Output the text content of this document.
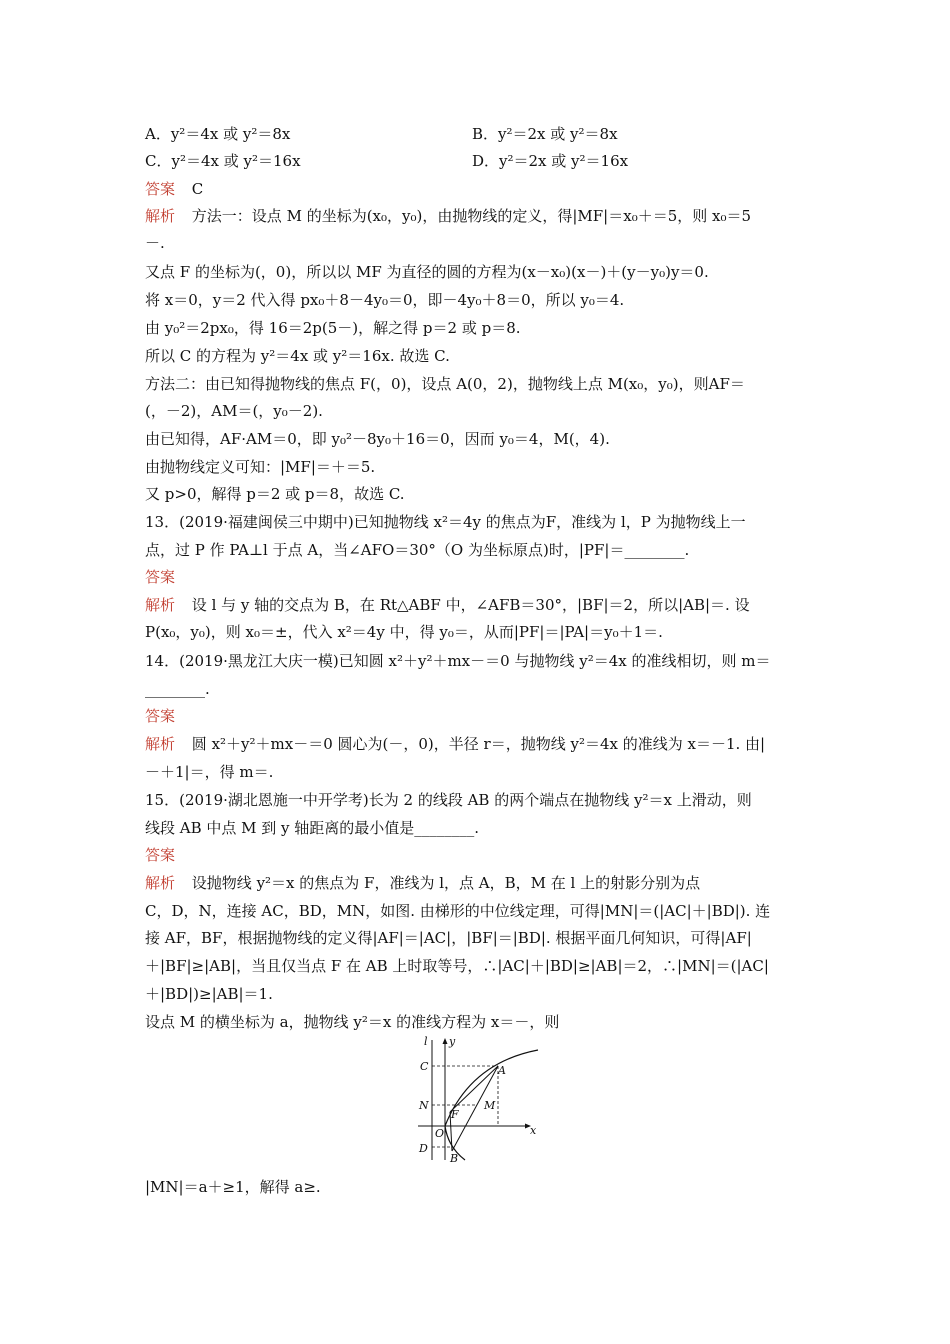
A．y²＝4x 或 y²＝8x	B．y²＝2x 或 y²＝8x
C．y²＝4x 或 y²＝16x	D．y²＝2x 或 y²＝16x
答案 C
解析 方法一：设点 M 的坐标为(x₀，y₀)，由抛物线的定义，得|MF|＝x₀＋＝5，则 x₀＝5
－.
又点 F 的坐标为(，0)，所以以 MF 为直径的圆的方程为(x－x₀)(x－)＋(y－y₀)y＝0.
将 x＝0，y＝2 代入得 px₀＋8－4y₀＝0，即－4y₀＋8＝0，所以 y₀＝4.
由 y₀²＝2px₀，得 16＝2p(5－)，解之得 p＝2 或 p＝8.
所以 C 的方程为 y²＝4x 或 y²＝16x. 故选 C.
方法二：由已知得抛物线的焦点 F(，0)，设点 A(0，2)，抛物线上点 M(x₀，y₀)，则AF＝
(，－2)，AM＝(，y₀－2).
由已知得，AF·AM＝0，即 y₀²－8y₀＋16＝0，因而 y₀＝4，M(，4).
由抛物线定义可知：|MF|＝＋＝5.
又 p>0，解得 p＝2 或 p＝8，故选 C.
13．(2019·福建闽侯三中期中)已知抛物线 x²＝4y 的焦点为F，准线为 l，P 为抛物线上一
点，过 P 作 PA⊥l 于点 A，当∠AFO＝30°（O 为坐标原点)时，|PF|＝________.
答案
解析 设 l 与 y 轴的交点为 B，在 Rt△ABF 中，∠AFB＝30°，|BF|＝2，所以|AB|＝. 设
P(x₀，y₀)，则 x₀＝±，代入 x²＝4y 中，得 y₀＝，从而|PF|＝|PA|＝y₀＋1＝.
14．(2019·黑龙江大庆一模)已知圆 x²＋y²＋mx－＝0 与抛物线 y²＝4x 的准线相切，则 m＝
________.
答案
解析 圆 x²＋y²＋mx－＝0 圆心为(－，0)，半径 r＝，抛物线 y²＝4x 的准线为 x＝－1. 由|
－＋1|＝，得 m＝.
15．(2019·湖北恩施一中开学考)长为 2 的线段 AB 的两个端点在抛物线 y²＝x 上滑动，则
线段 AB 中点 M 到 y 轴距离的最小值是________.
答案
解析 设抛物线 y²＝x 的焦点为 F，准线为 l，点 A，B，M 在 l 上的射影分别为点
C，D，N，连接 AC，BD，MN，如图. 由梯形的中位线定理，可得|MN|＝(|AC|＋|BD|). 连
接 AF，BF，根据抛物线的定义得|AF|＝|AC|，|BF|＝|BD|. 根据平面几何知识，可得|AF|
＋|BF|≥|AB|，当且仅当点 F 在 AB 上时取等号，∴|AC|＋|BD|≥|AB|＝2，∴|MN|＝(|AC|
＋|BD|)≥|AB|＝1.
设点 M 的横坐标为 a，抛物线 y²＝x 的准线方程为 x＝－，则
l y
C	A
N
F
M
O	x
D
B
|MN|＝a＋≥1，解得 a≥.
